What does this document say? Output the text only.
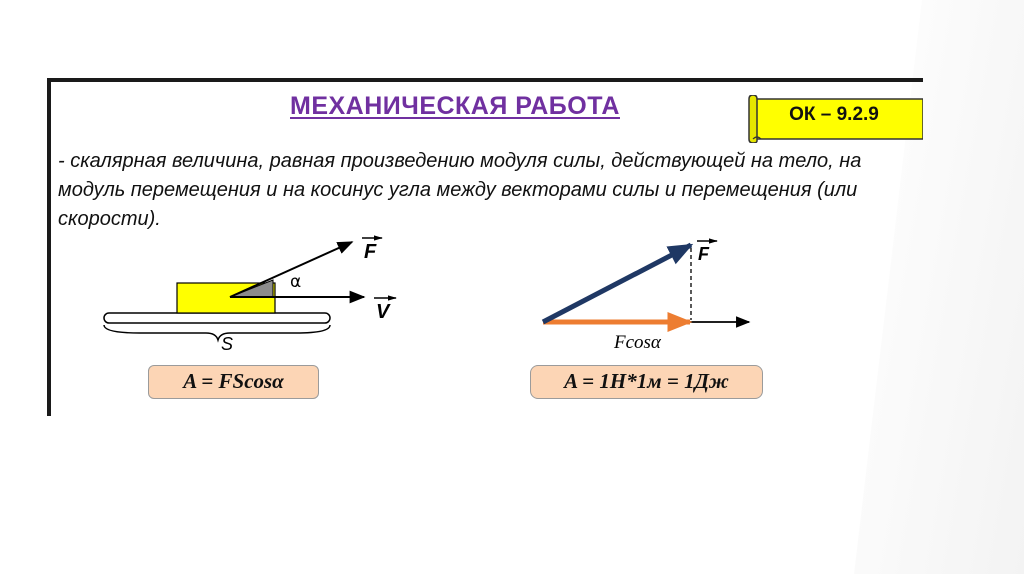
МЕХАНИЧЕСКАЯ РАБОТА	ОК – 9.2.9
- скалярная величина, равная произведению модуля силы, действующей на тело, на модуль перемещения и на косинус угла между векторами силы и перемещения (или скорости).
F
α
V
S
F
Fcosα
A = FScosα	A = 1H*1м = 1Дж
